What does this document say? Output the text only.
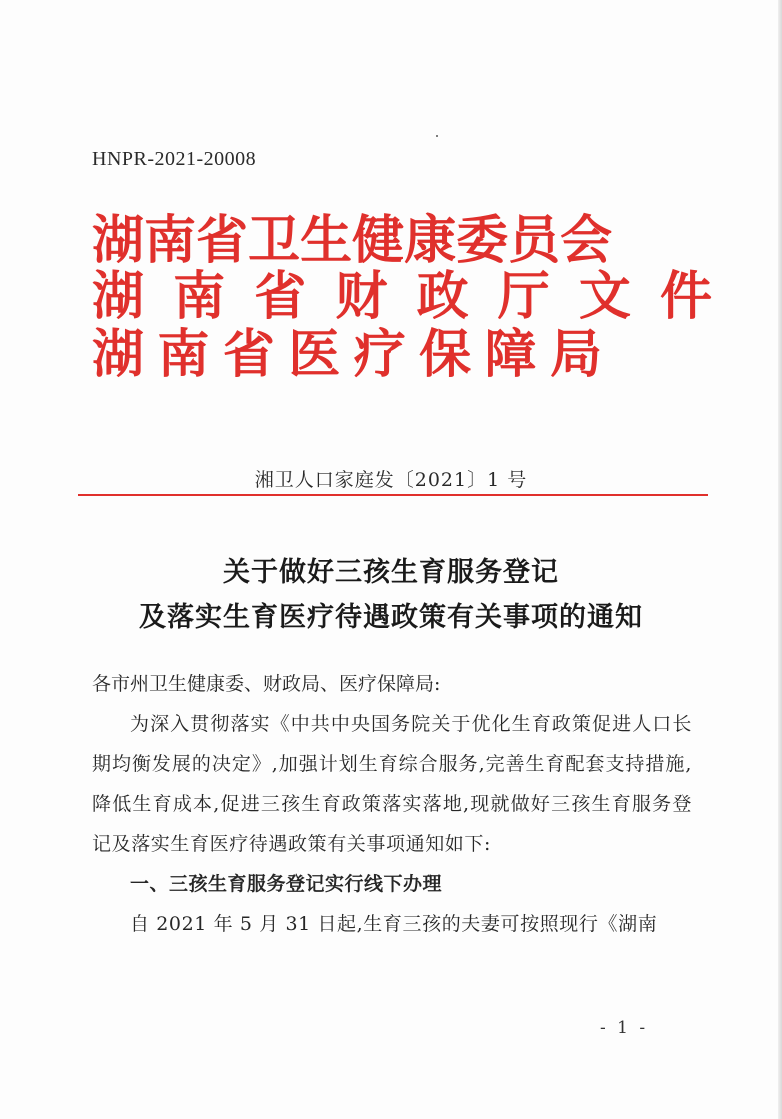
HNPR-2021-20008
湖 南 省 卫 生 健 康 委 员 会
湖 南 省 财 政 厅 文 件
湖 南 省 医 疗 保 障 局
湘卫人口家庭发〔2021〕1 号
关于做好三孩生育服务登记
及落实生育医疗待遇政策有关事项的通知

各市州卫生健康委、财政局、医疗保障局:

为深入贯彻落实《中共中央国务院关于优化生育政策促进人口长期均衡发展的决定》,加强计划生育综合服务,完善生育配套支持措施,降低生育成本,促进三孩生育政策落实落地,现就做好三孩生育服务登记及落实生育医疗待遇政策有关事项通知如下:

一、三孩生育服务登记实行线下办理

自 2021 年 5 月 31 日起,生育三孩的夫妻可按照现行《湖南

- 1 -
